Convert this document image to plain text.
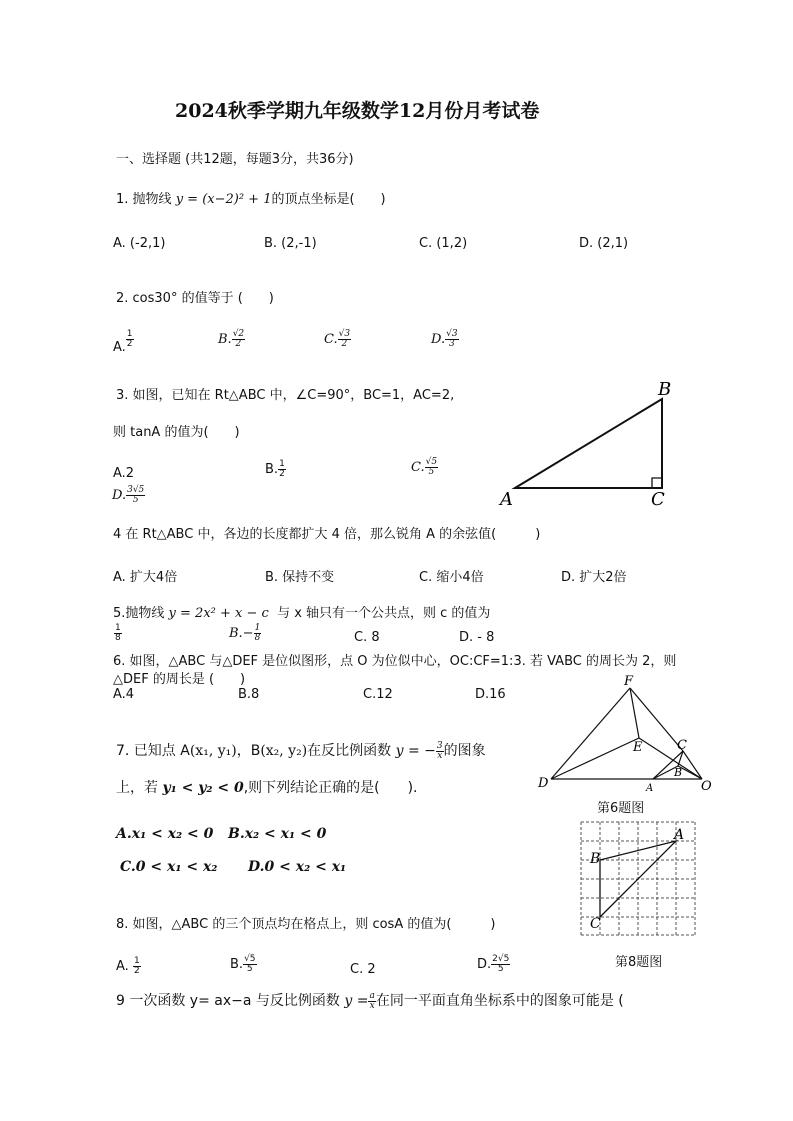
2024秋季学期九年级数学12月份月考试卷
一、选择题 (共12题，每题3分，共36分)
1. 抛物线 y = (x−2)² + 1的顶点坐标是(　　)
A. (-2,1)	B. (2,-1)	C. (1,2)	D. (2,1)
2. cos30° 的值等于 (　　)
A. $\frac{1}{2}$	B. $\frac{√2}{2}$	C. $\frac{√3}{2}$	D. $\frac{√3}{3}$
3. 如图，已知在 Rt△ABC 中，∠C=90°，BC=1，AC=2,
则 tanA 的值为(　　)
A.2	B. $\frac{1}{2}$	C. $\frac{√5}{5}$
D. $\frac{3√5}{5}$
B
A	C
4 在 Rt△ABC 中，各边的长度都扩大 4 倍，那么锐角 A 的余弦值(　　　)
A. 扩大4倍	B. 保持不变	C. 缩小4倍	D. 扩大2倍
5.抛物线 y = 2x² + x − c 与 x 轴只有一个公共点，则 c 的值为
$\frac{1}{8}$	$B.- \frac{1}{8}$	C. 8	D. - 8
6. 如图，△ABC 与△DEF 是位似图形，点 O 为位似中心，OC:CF=1:3. 若 VABC 的周长为 2，则
△DEF 的周长是 (　　)
A.4	B.8	C.12	D.16
F
E	C
B
A
D	O
第6题图
7. 已知点 A(x₁, y₁)，B(x₂, y₂)在反比例函数 y = − $\frac{3}{x}$ 的图象
上，若 y₁ < y₂ < 0,则下列结论正确的是(　　).
A.x₁ < x₂ < 0 B.x₂ < x₁ < 0
C.0 < x₁ < x₂ D.0 < x₂ < x₁
A
B
C
第8题图
8. 如图，△ABC 的三个顶点均在格点上，则 cosA 的值为(　　　)
A. $\frac{1}{2}$	B. $\frac{√5}{5}$	C. 2	D. $\frac{2√5}{5}$
9 一次函数 y= ax−a 与反比例函数 $y = \frac{a}{x}$ 在同一平面直角坐标系中的图象可能是 (
